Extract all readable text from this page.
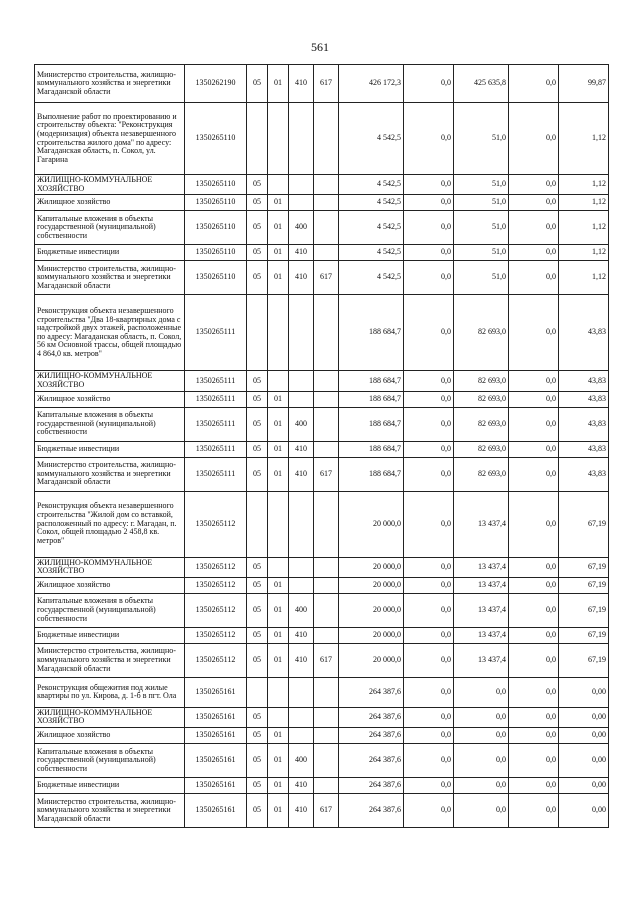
561
Министерство строительства, жилищно-коммунального хозяйства и энергетики Магаданской области	1350262190	05	01	410	617	426 172,3	0,0	425 635,8	0,0	99,87
Выполнение работ по проектированию и строительству объекта: "Реконструкция (модернизация) объекта незавершенного строительства жилого дома" по адресу: Магаданская область, п. Сокол, ул. Гагарина	1350265110					4 542,5	0,0	51,0	0,0	1,12
ЖИЛИЩНО-КОММУНАЛЬНОЕ ХОЗЯЙСТВО	1350265110	05				4 542,5	0,0	51,0	0,0	1,12
Жилищное хозяйство	1350265110	05	01			4 542,5	0,0	51,0	0,0	1,12
Капитальные вложения в объекты государственной (муниципальной) собственности	1350265110	05	01	400		4 542,5	0,0	51,0	0,0	1,12
Бюджетные инвестиции	1350265110	05	01	410		4 542,5	0,0	51,0	0,0	1,12
Министерство строительства, жилищно-коммунального хозяйства и энергетики Магаданской области	1350265110	05	01	410	617	4 542,5	0,0	51,0	0,0	1,12
Реконструкция объекта незавершенного строительства "Два 18-квартирных дома с надстройкой двух этажей, расположенные по адресу: Магаданская область, п. Сокол, 56 км Основной трассы, общей площадью 4 864,0 кв. метров"	1350265111					188 684,7	0,0	82 693,0	0,0	43,83
ЖИЛИЩНО-КОММУНАЛЬНОЕ ХОЗЯЙСТВО	1350265111	05				188 684,7	0,0	82 693,0	0,0	43,83
Жилищное хозяйство	1350265111	05	01			188 684,7	0,0	82 693,0	0,0	43,83
Капитальные вложения в объекты государственной (муниципальной) собственности	1350265111	05	01	400		188 684,7	0,0	82 693,0	0,0	43,83
Бюджетные инвестиции	1350265111	05	01	410		188 684,7	0,0	82 693,0	0,0	43,83
Министерство строительства, жилищно-коммунального хозяйства и энергетики Магаданской области	1350265111	05	01	410	617	188 684,7	0,0	82 693,0	0,0	43,83
Реконструкция объекта незавершенного строительства "Жилой дом со вставкой, расположенный по адресу: г. Магадан, п. Сокол, общей площадью 2 458,8 кв. метров"	1350265112					20 000,0	0,0	13 437,4	0,0	67,19
ЖИЛИЩНО-КОММУНАЛЬНОЕ ХОЗЯЙСТВО	1350265112	05				20 000,0	0,0	13 437,4	0,0	67,19
Жилищное хозяйство	1350265112	05	01			20 000,0	0,0	13 437,4	0,0	67,19
Капитальные вложения в объекты государственной (муниципальной) собственности	1350265112	05	01	400		20 000,0	0,0	13 437,4	0,0	67,19
Бюджетные инвестиции	1350265112	05	01	410		20 000,0	0,0	13 437,4	0,0	67,19
Министерство строительства, жилищно-коммунального хозяйства и энергетики Магаданской области	1350265112	05	01	410	617	20 000,0	0,0	13 437,4	0,0	67,19
Реконструкция общежития под жилые квартиры по ул. Кирова, д. 1-б в пгт. Ола	1350265161					264 387,6	0,0	0,0	0,0	0,00
ЖИЛИЩНО-КОММУНАЛЬНОЕ ХОЗЯЙСТВО	1350265161	05				264 387,6	0,0	0,0	0,0	0,00
Жилищное хозяйство	1350265161	05	01			264 387,6	0,0	0,0	0,0	0,00
Капитальные вложения в объекты государственной (муниципальной) собственности	1350265161	05	01	400		264 387,6	0,0	0,0	0,0	0,00
Бюджетные инвестиции	1350265161	05	01	410		264 387,6	0,0	0,0	0,0	0,00
Министерство строительства, жилищно-коммунального хозяйства и энергетики Магаданской области	1350265161	05	01	410	617	264 387,6	0,0	0,0	0,0	0,00
